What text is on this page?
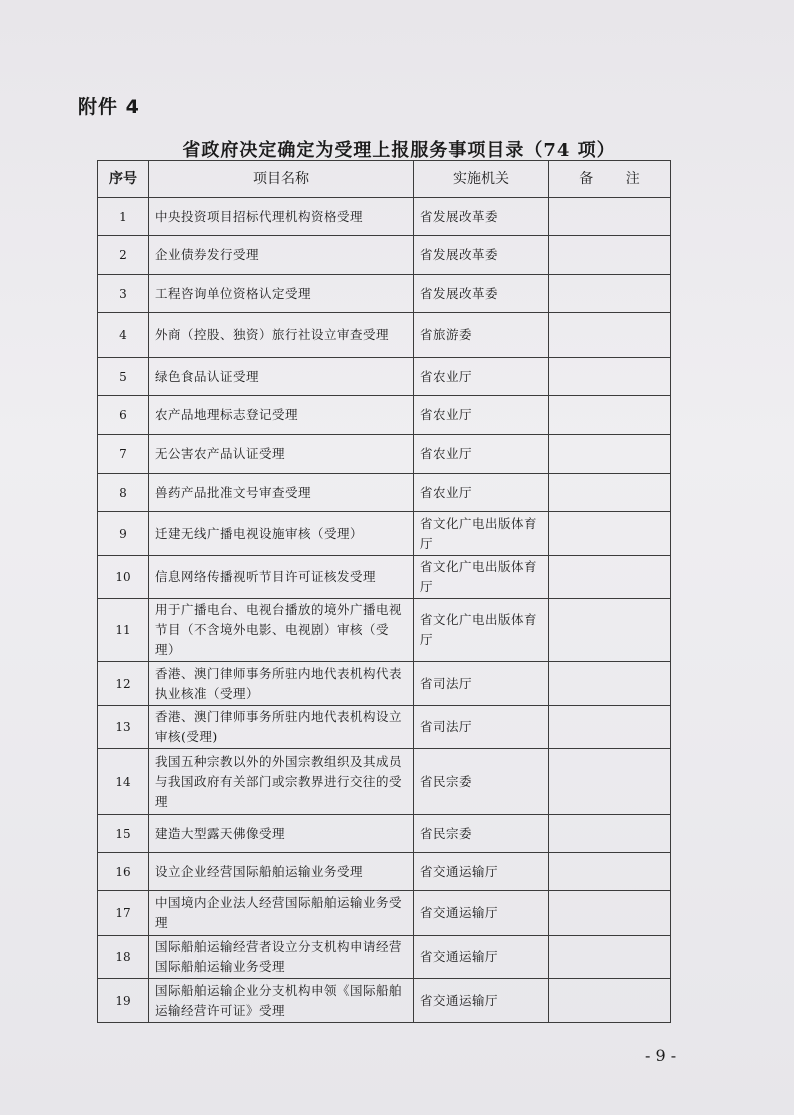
附件 4
省政府决定确定为受理上报服务事项目录（74 项）
序号	项目名称	实施机关	备 注
1	中央投资项目招标代理机构资格受理	省发展改革委	
2	企业债券发行受理	省发展改革委	
3	工程咨询单位资格认定受理	省发展改革委	
4	外商（控股、独资）旅行社设立审查受理	省旅游委	
5	绿色食品认证受理	省农业厅	
6	农产品地理标志登记受理	省农业厅	
7	无公害农产品认证受理	省农业厅	
8	兽药产品批准文号审查受理	省农业厅	
9	迁建无线广播电视设施审核（受理）	省文化广电出版体育厅	
10	信息网络传播视听节目许可证核发受理	省文化广电出版体育厅	
11	用于广播电台、电视台播放的境外广播电视节目（不含境外电影、电视剧）审核（受理）	省文化广电出版体育厅	
12	香港、澳门律师事务所驻内地代表机构代表执业核准（受理）	省司法厅	
13	香港、澳门律师事务所驻内地代表机构设立审核(受理)	省司法厅	
14	我国五种宗教以外的外国宗教组织及其成员与我国政府有关部门或宗教界进行交往的受理	省民宗委	
15	建造大型露天佛像受理	省民宗委	
16	设立企业经营国际船舶运输业务受理	省交通运输厅	
17	中国境内企业法人经营国际船舶运输业务受理	省交通运输厅	
18	国际船舶运输经营者设立分支机构申请经营国际船舶运输业务受理	省交通运输厅	
19	国际船舶运输企业分支机构申领《国际船舶运输经营许可证》受理	省交通运输厅	
- 9 -
